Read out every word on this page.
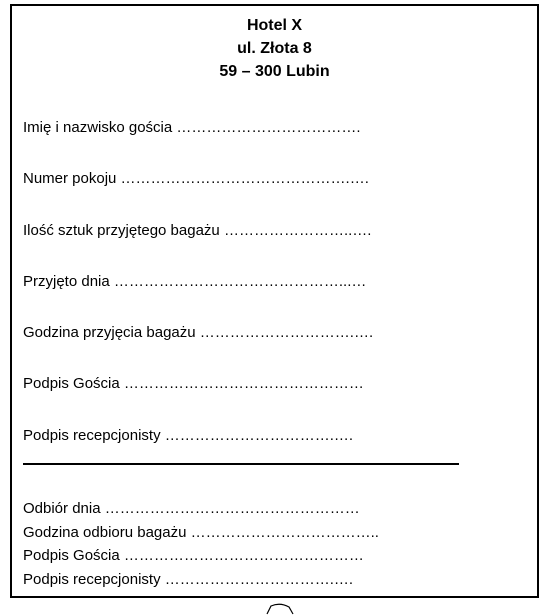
Hotel X
ul. Złota 8
59 – 300 Lubin
Imię i nazwisko gościa ……………………………….
Numer pokoju ……………………………………….….
Ilość sztuk przyjętego bagażu ……………………..….
Przyjęto dnia ………………………………………...…
Godzina przyjęcia bagażu ………………………….….
Podpis Gościa …………………………………………
Podpis recepcjonisty …………………………….….
Odbiór dnia ……………………………………………
Godzina odbioru bagażu ………………………………..
Podpis Gościa …………………………………………
Podpis recepcjonisty …………………………….….
